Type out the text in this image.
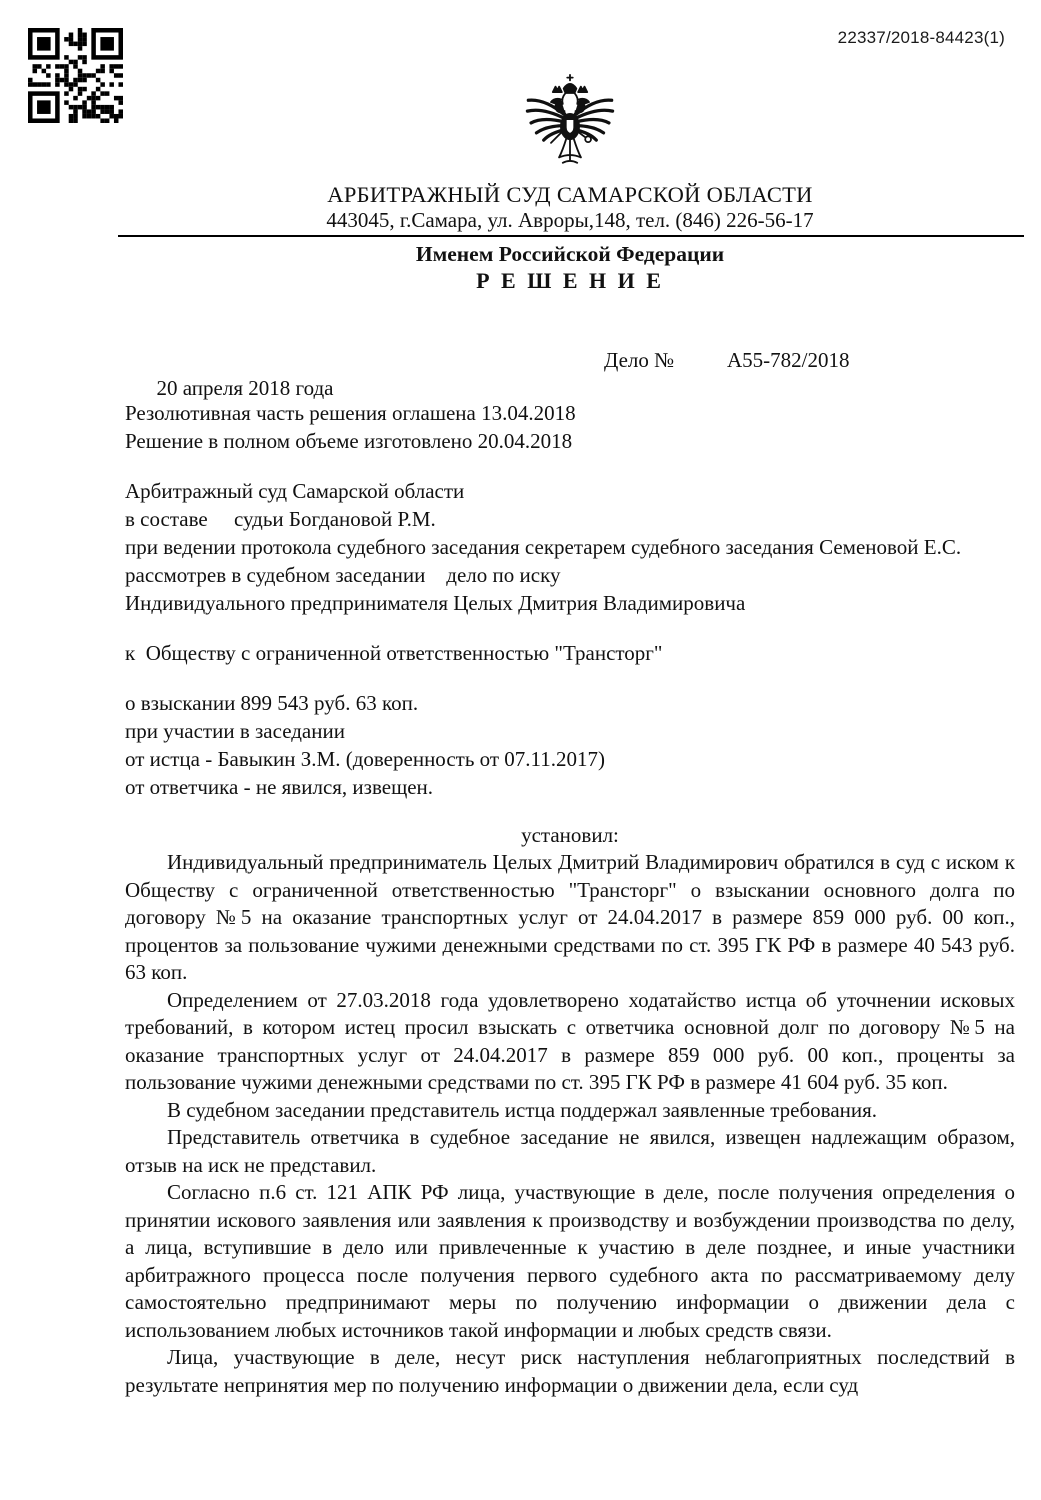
22337/2018-84423(1)
АРБИТРАЖНЫЙ СУД САМАРСКОЙ ОБЛАСТИ
443045, г.Самара, ул. Авроры,148, тел. (846) 226-56-17
Именем Российской Федерации
Р Е Ш Е Н И Е

20 апреля 2018 года

Дело №

	А55-782/2018

Резолютивная часть решения оглашена 13.04.2018
Решение в полном объеме изготовлено 20.04.2018
Арбитражный суд Самарской области
в составе     судьи Богдановой Р.М.
при ведении протокола судебного заседания секретарем судебного заседания Семеновой Е.С.
рассмотрев в судебном заседании    дело по иску
Индивидуального предпринимателя Целых Дмитрия Владимировича
к  Обществу с ограниченной ответственностью "Трансторг"
о взыскании 899 543 руб. 63 коп.
при участии в заседании
от истца - Бавыкин З.М. (доверенность от 07.11.2017)
от ответчика - не явился, извещен.
установил:

Индивидуальный предприниматель Целых Дмитрий Владимирович обратился в суд с иском к Обществу с ограниченной ответственностью "Трансторг" о взыскании основного долга по договору №5 на оказание транспортных услуг от 24.04.2017 в размере 859 000 руб. 00 коп., процентов за пользование чужими денежными средствами по ст. 395 ГК РФ в размере 40 543 руб. 63 коп.

Определением от 27.03.2018 года удовлетворено ходатайство истца об уточнении исковых требований, в котором истец просил взыскать с ответчика основной долг по договору №5 на оказание транспортных услуг от 24.04.2017 в размере 859 000 руб. 00 коп., проценты за пользование чужими денежными средствами по ст. 395 ГК РФ в размере 41 604 руб. 35 коп.

В судебном заседании представитель истца поддержал заявленные требования.

Представитель ответчика в судебное заседание не явился, извещен надлежащим образом, отзыв на иск не представил.

Согласно п.6 ст. 121 АПК РФ лица, участвующие в деле, после получения определения о принятии искового заявления или заявления к производству и возбуждении производства по делу, а лица, вступившие в дело или привлеченные к участию в деле позднее, и иные участники арбитражного процесса после получения первого судебного акта по рассматриваемому делу самостоятельно предпринимают меры по получению информации о движении дела с использованием любых источников такой информации и любых средств связи.

Лица, участвующие в деле, несут риск наступления неблагоприятных последствий в результате непринятия мер по получению информации о движении дела, если суд
